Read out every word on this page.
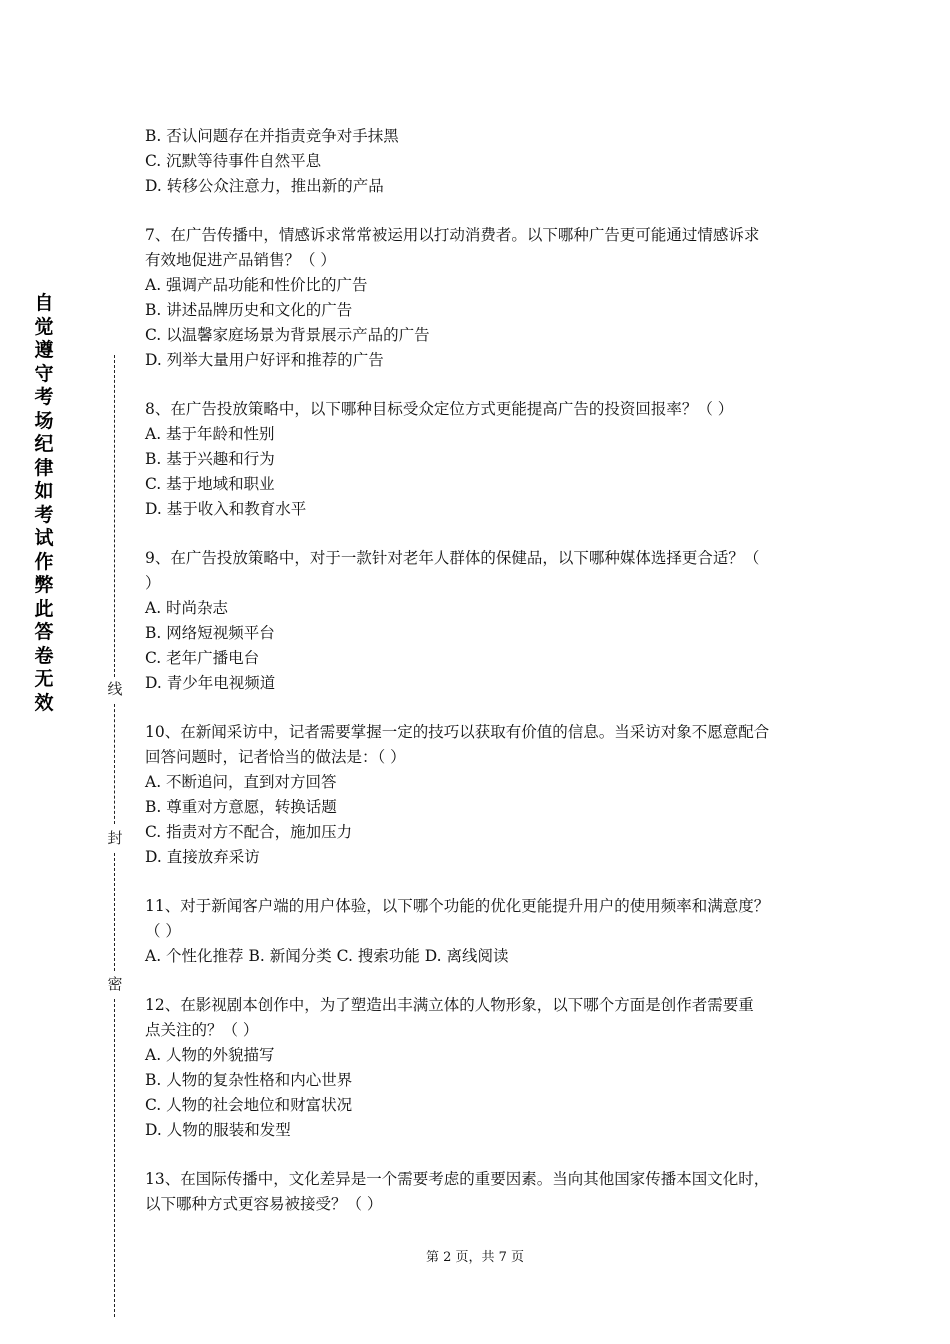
自
觉
遵
守
考
场
纪
律
如
考
试
作
弊
此
答
卷
无
效
线
封
密
B. 否认问题存在并指责竞争对手抹黑
C. 沉默等待事件自然平息
D. 转移公众注意力，推出新的产品
7、在广告传播中，情感诉求常常被运用以打动消费者。以下哪种广告更可能通过情感诉求
有效地促进产品销售？（ ）
A. 强调产品功能和性价比的广告
B. 讲述品牌历史和文化的广告
C. 以温馨家庭场景为背景展示产品的广告
D. 列举大量用户好评和推荐的广告
8、在广告投放策略中，以下哪种目标受众定位方式更能提高广告的投资回报率？（ ）
A. 基于年龄和性别
B. 基于兴趣和行为
C. 基于地域和职业
D. 基于收入和教育水平
9、在广告投放策略中，对于一款针对老年人群体的保健品，以下哪种媒体选择更合适？（
）
A. 时尚杂志
B. 网络短视频平台
C. 老年广播电台
D. 青少年电视频道
10、在新闻采访中，记者需要掌握一定的技巧以获取有价值的信息。当采访对象不愿意配合
回答问题时，记者恰当的做法是：（ ）
A. 不断追问，直到对方回答
B. 尊重对方意愿，转换话题
C. 指责对方不配合，施加压力
D. 直接放弃采访
11、对于新闻客户端的用户体验，以下哪个功能的优化更能提升用户的使用频率和满意度？
（ ）
A. 个性化推荐 B. 新闻分类 C. 搜索功能 D. 离线阅读
12、在影视剧本创作中，为了塑造出丰满立体的人物形象，以下哪个方面是创作者需要重
点关注的？（ ）
A. 人物的外貌描写
B. 人物的复杂性格和内心世界
C. 人物的社会地位和财富状况
D. 人物的服装和发型
13、在国际传播中，文化差异是一个需要考虑的重要因素。当向其他国家传播本国文化时，
以下哪种方式更容易被接受？（ ）
第 2 页，共 7 页
